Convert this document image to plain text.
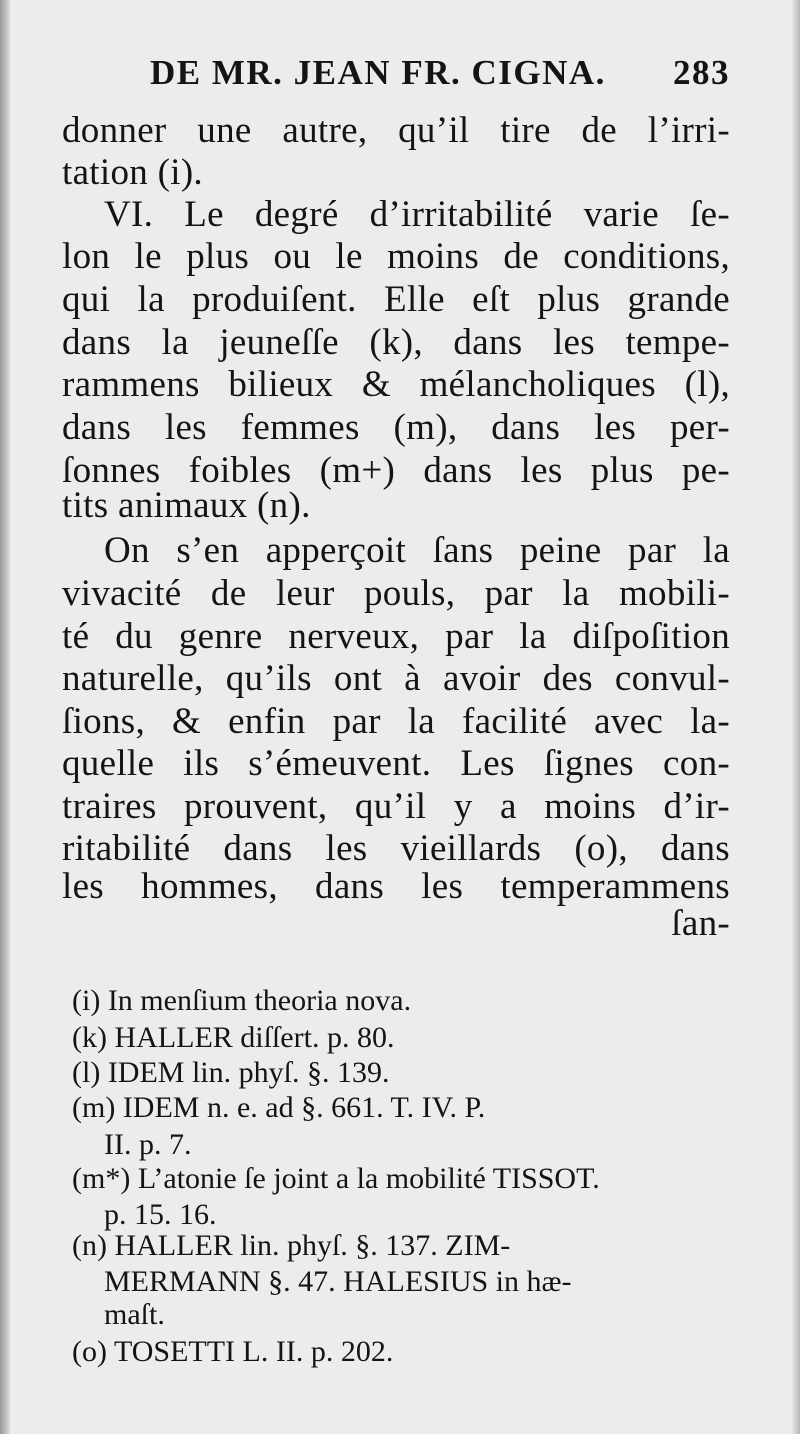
DE MR. JEAN FR. CIGNA. 283
donner une autre, qu’il tire de l’irri-
tation (i).
VI. Le degré d’irritabilité varie ſe-
lon le plus ou le moins de conditions,
qui la produiſent. Elle eſt plus grande
dans la jeuneſſe (k), dans les tempe-
rammens bilieux & mélancholiques (l),
dans les femmes (m), dans les per-
ſonnes foibles (m+) dans les plus pe-
tits animaux (n).
On s’en apperçoit ſans peine par la
vivacité de leur pouls, par la mobili-
té du genre nerveux, par la diſpoſition
naturelle, qu’ils ont à avoir des convul-
ſions, & enfin par la facilité avec la-
quelle ils s’émeuvent. Les ſignes con-
traires prouvent, qu’il y a moins d’ir-
ritabilité dans les vieillards (o), dans
les hommes, dans les temperammens
ſan-
(i) In menſium theoria nova.
(k) HALLER diſſert. p. 80.
(l) IDEM lin. phyſ. §. 139.
(m) IDEM n. e. ad §. 661. T. IV. P.
II. p. 7.
(m*) L’atonie ſe joint a la mobilité TISSOT.
p. 15. 16.
(n) HALLER lin. phyſ. §. 137. ZIM-
MERMANN §. 47. HALESIUS in hæ-
maſt.
(o) TOSETTI L. II. p. 202.
